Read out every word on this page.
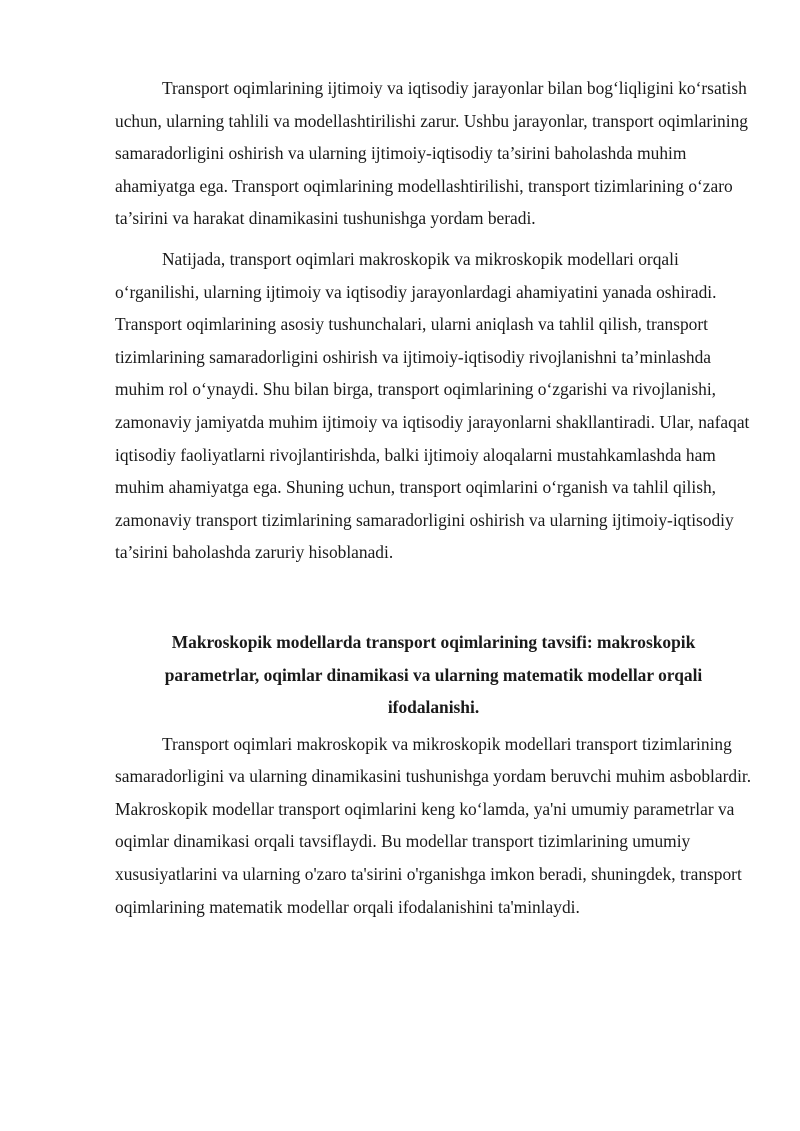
Transport oqimlarining ijtimoiy va iqtisodiy jarayonlar bilan bog‘liqligini ko‘rsatish uchun, ularning tahlili va modellashtirilishi zarur. Ushbu jarayonlar, transport oqimlarining samaradorligini oshirish va ularning ijtimoiy-iqtisodiy ta’sirini baholashda muhim ahamiyatga ega. Transport oqimlarining modellashtirilishi, transport tizimlarining o‘zaro ta’sirini va harakat dinamikasini tushunishga yordam beradi.

Natijada, transport oqimlari makroskopik va mikroskopik modellari orqali o‘rganilishi, ularning ijtimoiy va iqtisodiy jarayonlardagi ahamiyatini yanada oshiradi. Transport oqimlarining asosiy tushunchalari, ularni aniqlash va tahlil qilish, transport tizimlarining samaradorligini oshirish va ijtimoiy-iqtisodiy rivojlanishni ta’minlashda muhim rol o‘ynaydi. Shu bilan birga, transport oqimlarining o‘zgarishi va rivojlanishi, zamonaviy jamiyatda muhim ijtimoiy va iqtisodiy jarayonlarni shakllantiradi. Ular, nafaqat iqtisodiy faoliyatlarni rivojlantirishda, balki ijtimoiy aloqalarni mustahkamlashda ham muhim ahamiyatga ega. Shuning uchun, transport oqimlarini o‘rganish va tahlil qilish, zamonaviy transport tizimlarining samaradorligini oshirish va ularning ijtimoiy-iqtisodiy ta’sirini baholashda zaruriy hisoblanadi.

Makroskopik modellarda transport oqimlarining tavsifi: makroskopik parametrlar, oqimlar dinamikasi va ularning matematik modellar orqali ifodalanishi.

Transport oqimlari makroskopik va mikroskopik modellari transport tizimlarining samaradorligini va ularning dinamikasini tushunishga yordam beruvchi muhim asboblardir. Makroskopik modellar transport oqimlarini keng ko‘lamda, ya'ni umumiy parametrlar va oqimlar dinamikasi orqali tavsiflaydi. Bu modellar transport tizimlarining umumiy xususiyatlarini va ularning o'zaro ta'sirini o'rganishga imkon beradi, shuningdek, transport oqimlarining matematik modellar orqali ifodalanishini ta'minlaydi.
